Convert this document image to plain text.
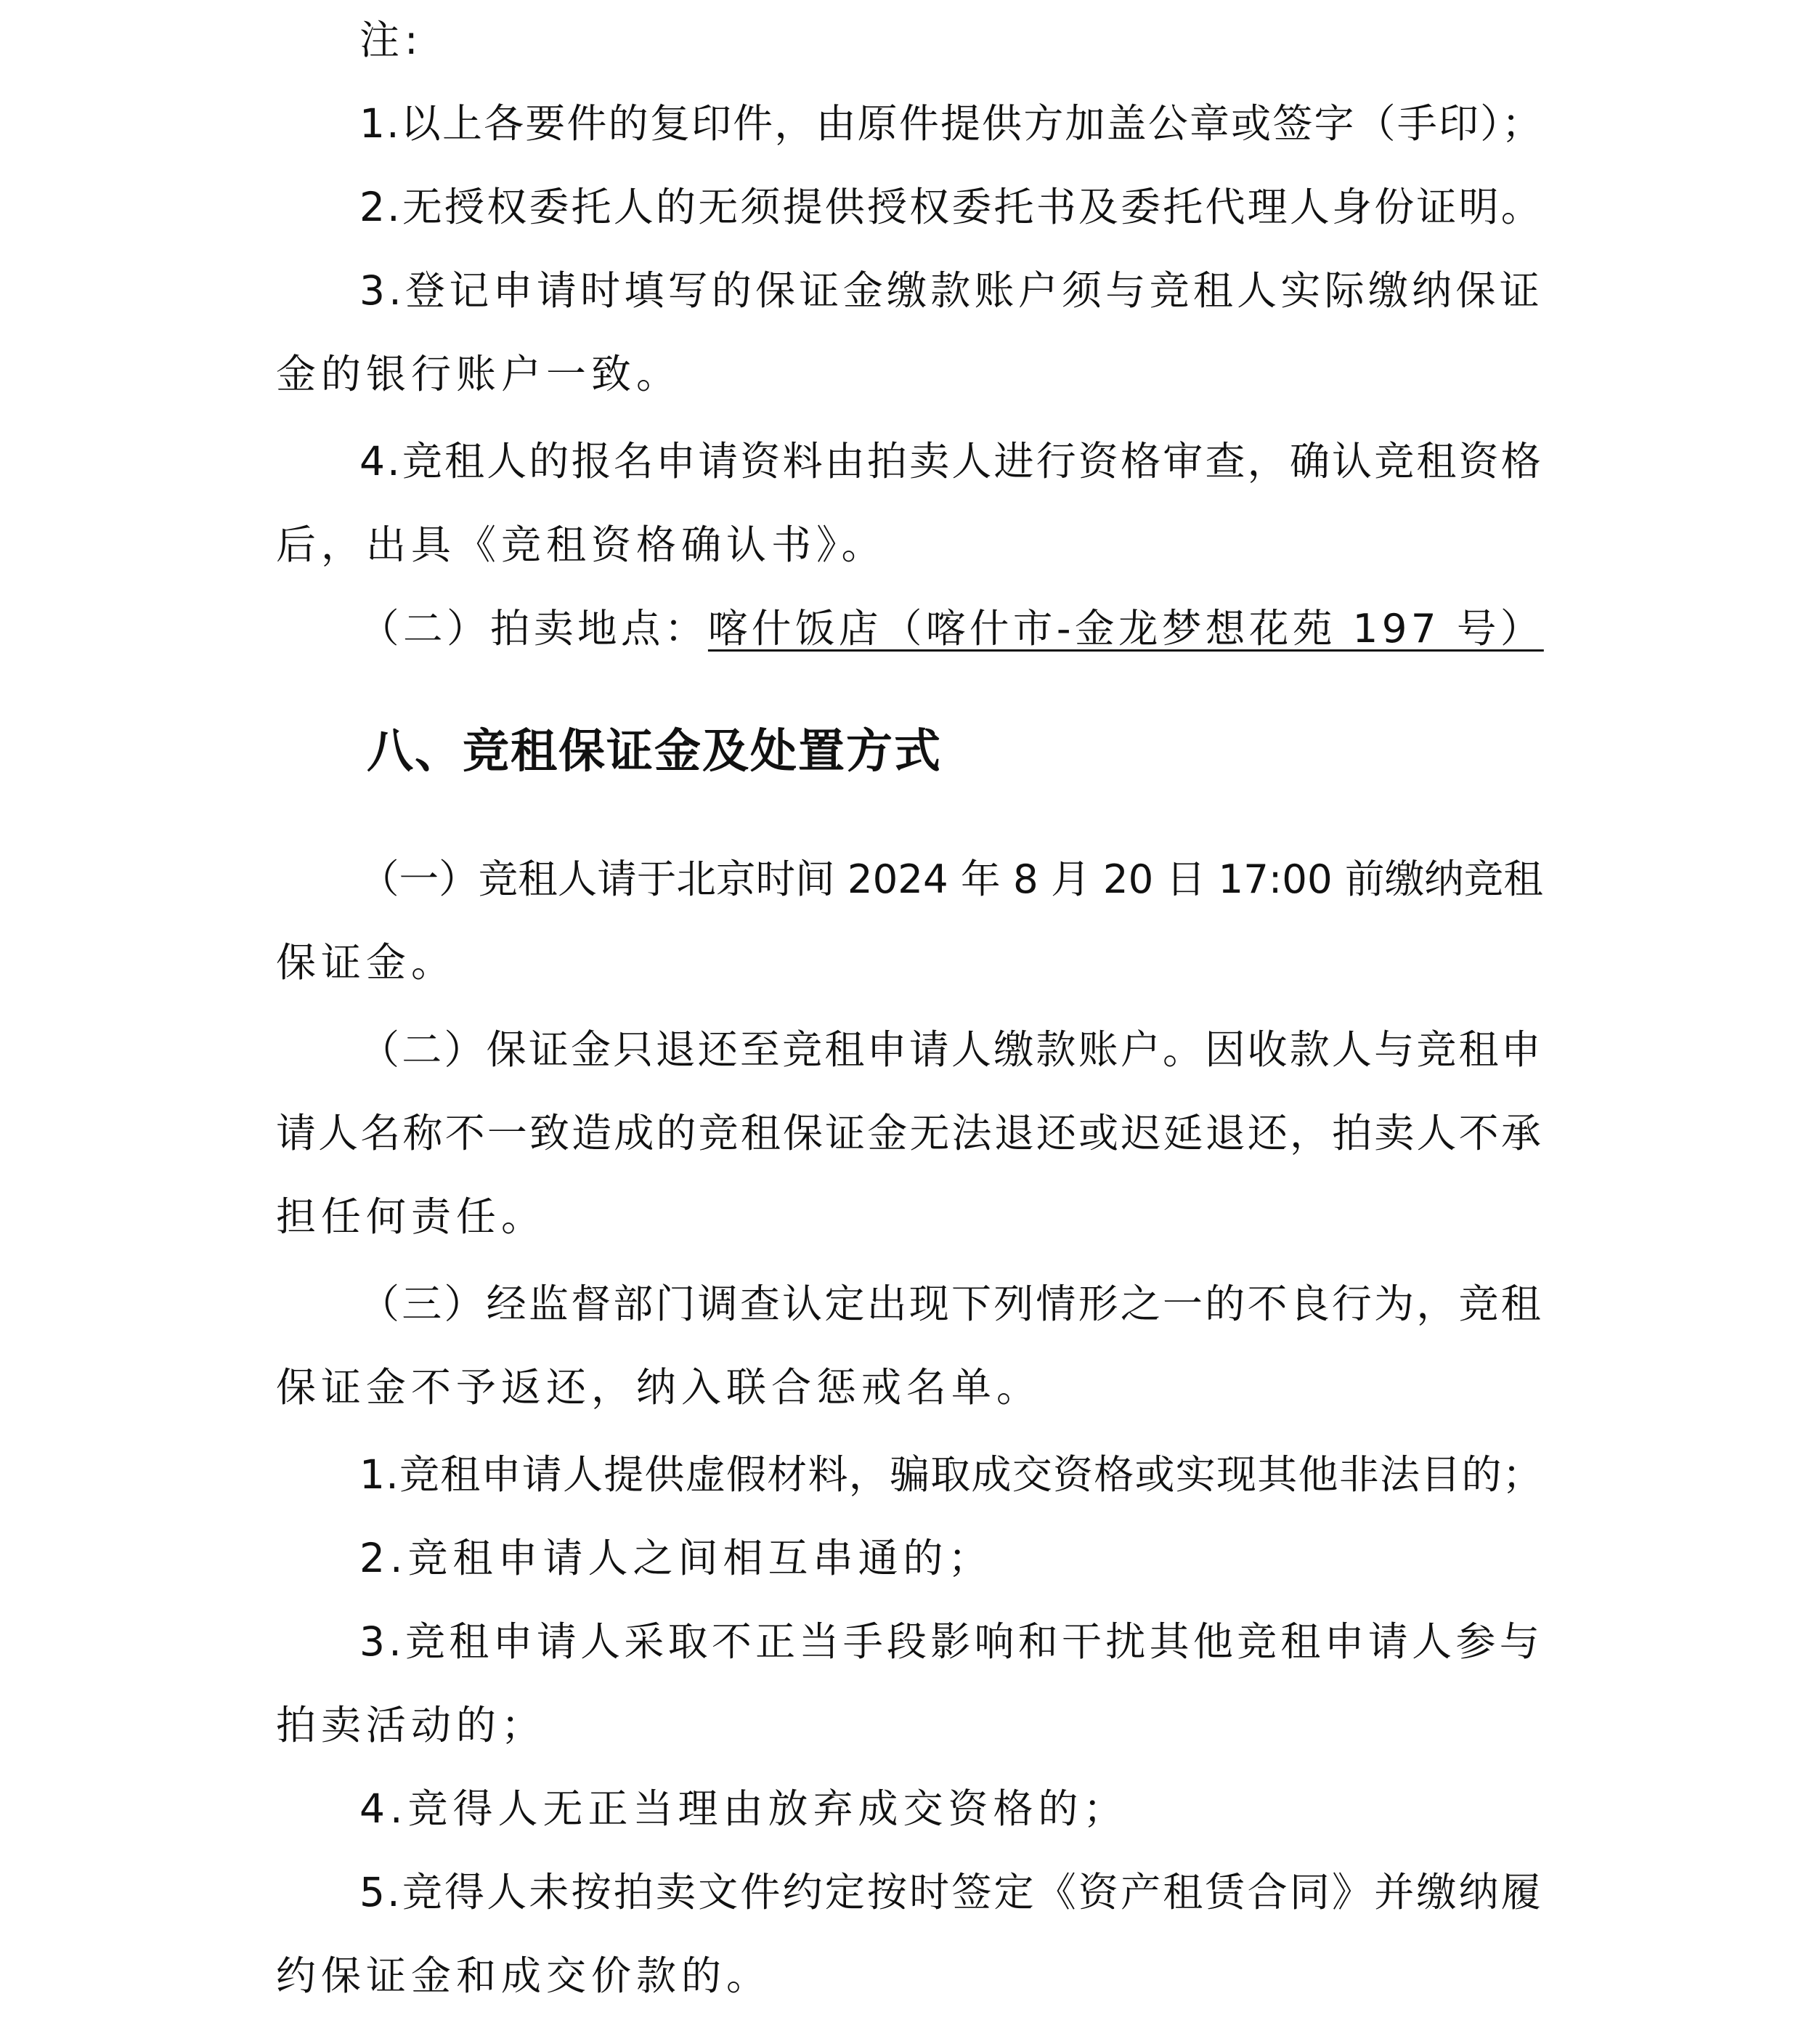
注:
1.以上各要件的复印件，由原件提供方加盖公章或签字（手印）；
2.无授权委托人的无须提供授权委托书及委托代理人身份证明。
3.登记申请时填写的保证金缴款账户须与竞租人实际缴纳保证
金的银行账户一致。
4.竞租人的报名申请资料由拍卖人进行资格审查，确认竞租资格
后，出具《竞租资格确认书》。
（二）拍卖地点：喀什饭店（喀什市-金龙梦想花苑 197 号）
八、竞租保证金及处置方式
（一）竞租人请于北京时间 2024 年 8 月 20 日 17:00 前缴纳竞租
保证金。
（二）保证金只退还至竞租申请人缴款账户。因收款人与竞租申
请人名称不一致造成的竞租保证金无法退还或迟延退还，拍卖人不承
担任何责任。
（三）经监督部门调查认定出现下列情形之一的不良行为，竞租
保证金不予返还，纳入联合惩戒名单。
1.竞租申请人提供虚假材料，骗取成交资格或实现其他非法目的；
2.竞租申请人之间相互串通的；
3.竞租申请人采取不正当手段影响和干扰其他竞租申请人参与
拍卖活动的；
4.竞得人无正当理由放弃成交资格的；
5.竞得人未按拍卖文件约定按时签定《资产租赁合同》并缴纳履
约保证金和成交价款的。
